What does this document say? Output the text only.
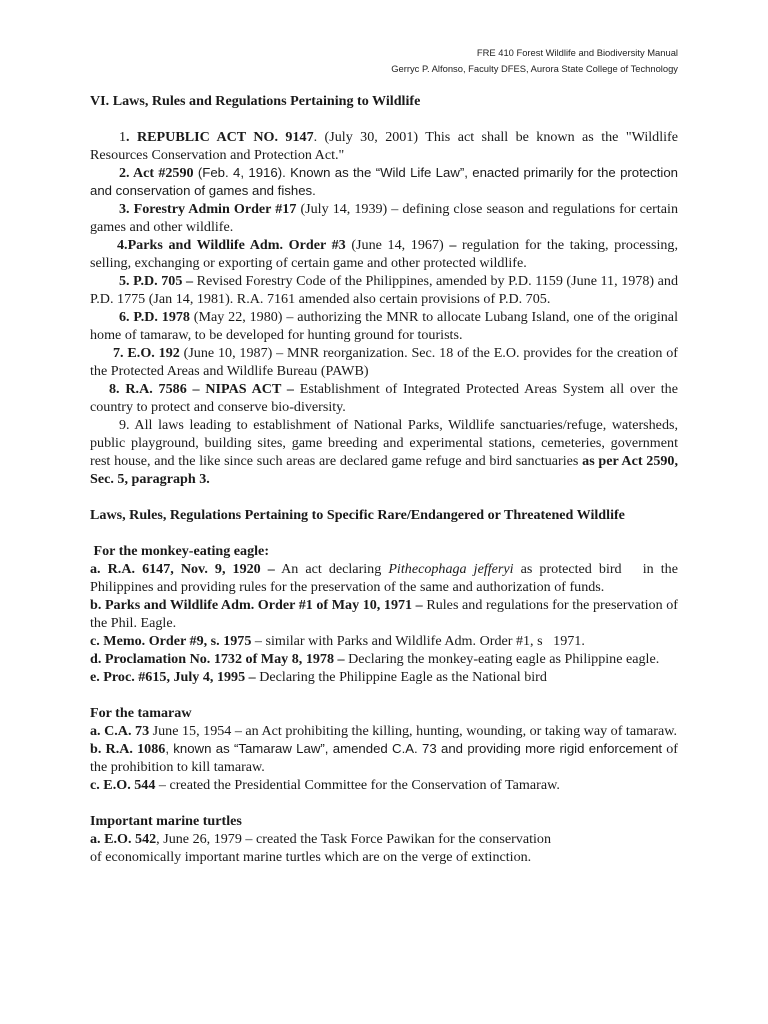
FRE 410 Forest Wildlife and Biodiversity Manual
Gerryc P. Alfonso, Faculty DFES, Aurora State College of Technology

VI. Laws, Rules and Regulations Pertaining to Wildlife

1. REPUBLIC ACT NO. 9147. (July 30, 2001) This act shall be known as the "Wildlife Resources Conservation and Protection Act."

2. Act #2590 (Feb. 4, 1916). Known as the “Wild Life Law”, enacted primarily for the protection and conservation of games and fishes.

3. Forestry Admin Order #17 (July 14, 1939) – defining close season and regulations for certain games and other wildlife.

4.Parks and Wildlife Adm. Order #3 (June 14, 1967) – regulation for the taking, processing, selling, exchanging or exporting of certain game and other protected wildlife.

5. P.D. 705 – Revised Forestry Code of the Philippines, amended by P.D. 1159 (June 11, 1978) and P.D. 1775 (Jan 14, 1981). R.A. 7161 amended also certain provisions of P.D. 705.

6. P.D. 1978 (May 22, 1980) – authorizing the MNR to allocate Lubang Island, one of the original home of tamaraw, to be developed for hunting ground for tourists.

7. E.O. 192 (June 10, 1987) – MNR reorganization. Sec. 18 of the E.O. provides for the creation of the Protected Areas and Wildlife Bureau (PAWB)

8. R.A. 7586 – NIPAS ACT – Establishment of Integrated Protected Areas System all over the country to protect and conserve bio-diversity.

9. All laws leading to establishment of National Parks, Wildlife sanctuaries/refuge, watersheds, public playground, building sites, game breeding and experimental stations, cemeteries, government rest house, and the like since such areas are declared game refuge and bird sanctuaries as per Act 2590, Sec. 5, paragraph 3.

Laws, Rules, Regulations Pertaining to Specific Rare/Endangered or Threatened Wildlife

For the monkey-eating eagle:

a. R.A. 6147, Nov. 9, 1920 – An act declaring Pithecophaga jefferyi as protected bird   in the Philippines and providing rules for the preservation of the same and authorization of funds.

b. Parks and Wildlife Adm. Order #1 of May 10, 1971 – Rules and regulations for the preservation of the Phil. Eagle.

c. Memo. Order #9, s. 1975 – similar with Parks and Wildlife Adm. Order #1, s   1971.

d. Proclamation No. 1732 of May 8, 1978 – Declaring the monkey-eating eagle as Philippine eagle.

e. Proc. #615, July 4, 1995 – Declaring the Philippine Eagle as the National bird

For the tamaraw

a. C.A. 73 June 15, 1954 – an Act prohibiting the killing, hunting, wounding, or taking way of tamaraw.

b. R.A. 1086, known as “Tamaraw Law”, amended C.A. 73 and providing more rigid enforcement of the prohibition to kill tamaraw.

c. E.O. 544 – created the Presidential Committee for the Conservation of Tamaraw.

Important marine turtles

a. E.O. 542, June 26, 1979 – created the Task Force Pawikan for the conservation
of economically important marine turtles which are on the verge of extinction.
